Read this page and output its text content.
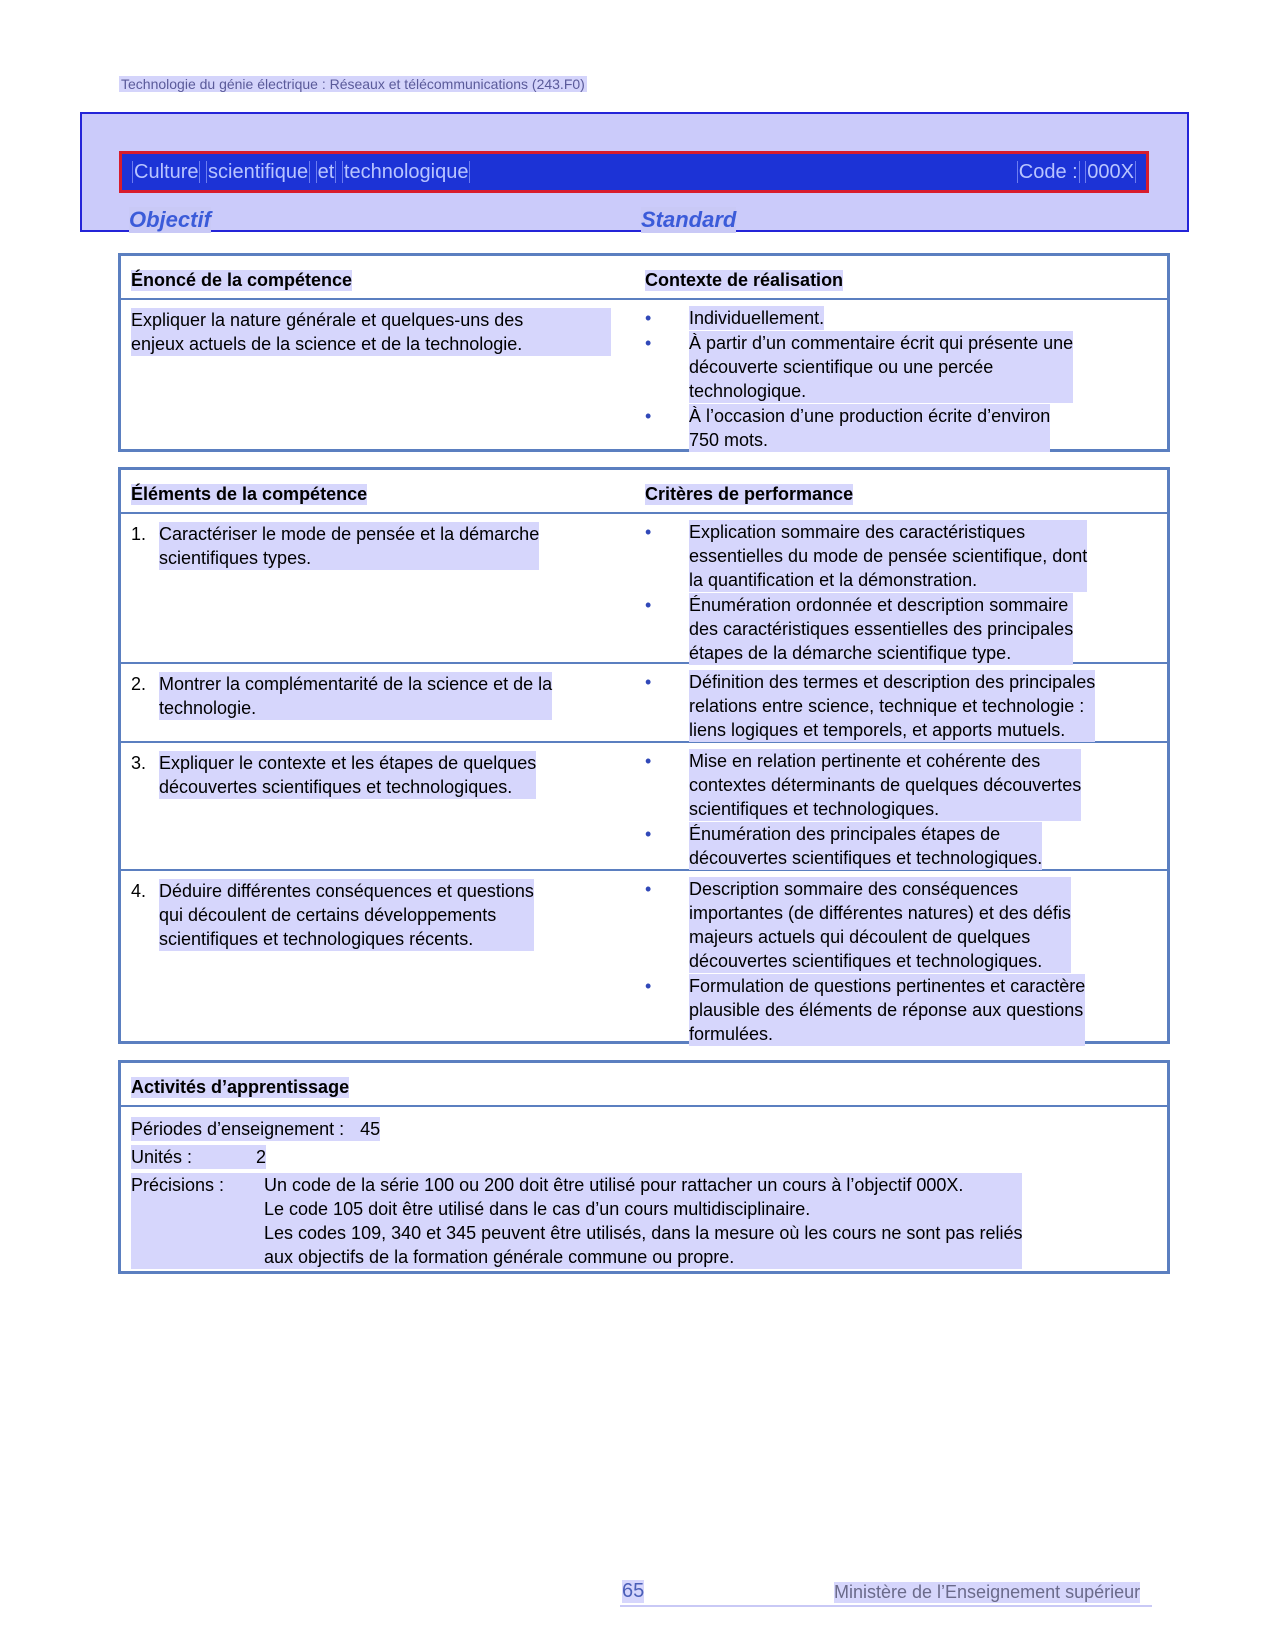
Technologie du génie électrique : Réseaux et télécommunications (243.F0)
Culture scientifique et technologique	Code : 000X
Objectif	Standard
Énoncé de la compétence	Contexte de réalisation
Expliquer la nature générale et quelques-uns des
enjeux actuels de la science et de la technologie.
•	Individuellement.
•	À partir d’un commentaire écrit qui présente une
découverte scientifique ou une percée
technologique.
•	À l’occasion d’une production écrite d’environ
750 mots.
Éléments de la compétence	Critères de performance
1. Caractériser le mode de pensée et la démarche
scientifiques types.
•	Explication sommaire des caractéristiques
essentielles du mode de pensée scientifique, dont
la quantification et la démonstration.
•	Énumération ordonnée et description sommaire
des caractéristiques essentielles des principales
étapes de la démarche scientifique type.
2. Montrer la complémentarité de la science et de la
technologie.
•	Définition des termes et description des principales
relations entre science, technique et technologie :
liens logiques et temporels, et apports mutuels.
3. Expliquer le contexte et les étapes de quelques
découvertes scientifiques et technologiques.
•	Mise en relation pertinente et cohérente des
contextes déterminants de quelques découvertes
scientifiques et technologiques.
•	Énumération des principales étapes de
découvertes scientifiques et technologiques.
4. Déduire différentes conséquences et questions
qui découlent de certains développements
scientifiques et technologiques récents.
•	Description sommaire des conséquences
importantes (de différentes natures) et des défis
majeurs actuels qui découlent de quelques
découvertes scientifiques et technologiques.
•	Formulation de questions pertinentes et caractère
plausible des éléments de réponse aux questions
formulées.
Activités d’apprentissage
Périodes d’enseignement : 45
Unités :	2
Précisions :	Un code de la série 100 ou 200 doit être utilisé pour rattacher un cours à l’objectif 000X.
Le code 105 doit être utilisé dans le cas d’un cours multidisciplinaire.
Les codes 109, 340 et 345 peuvent être utilisés, dans la mesure où les cours ne sont pas reliés
aux objectifs de la formation générale commune ou propre.
65	Ministère de l’Enseignement supérieur
